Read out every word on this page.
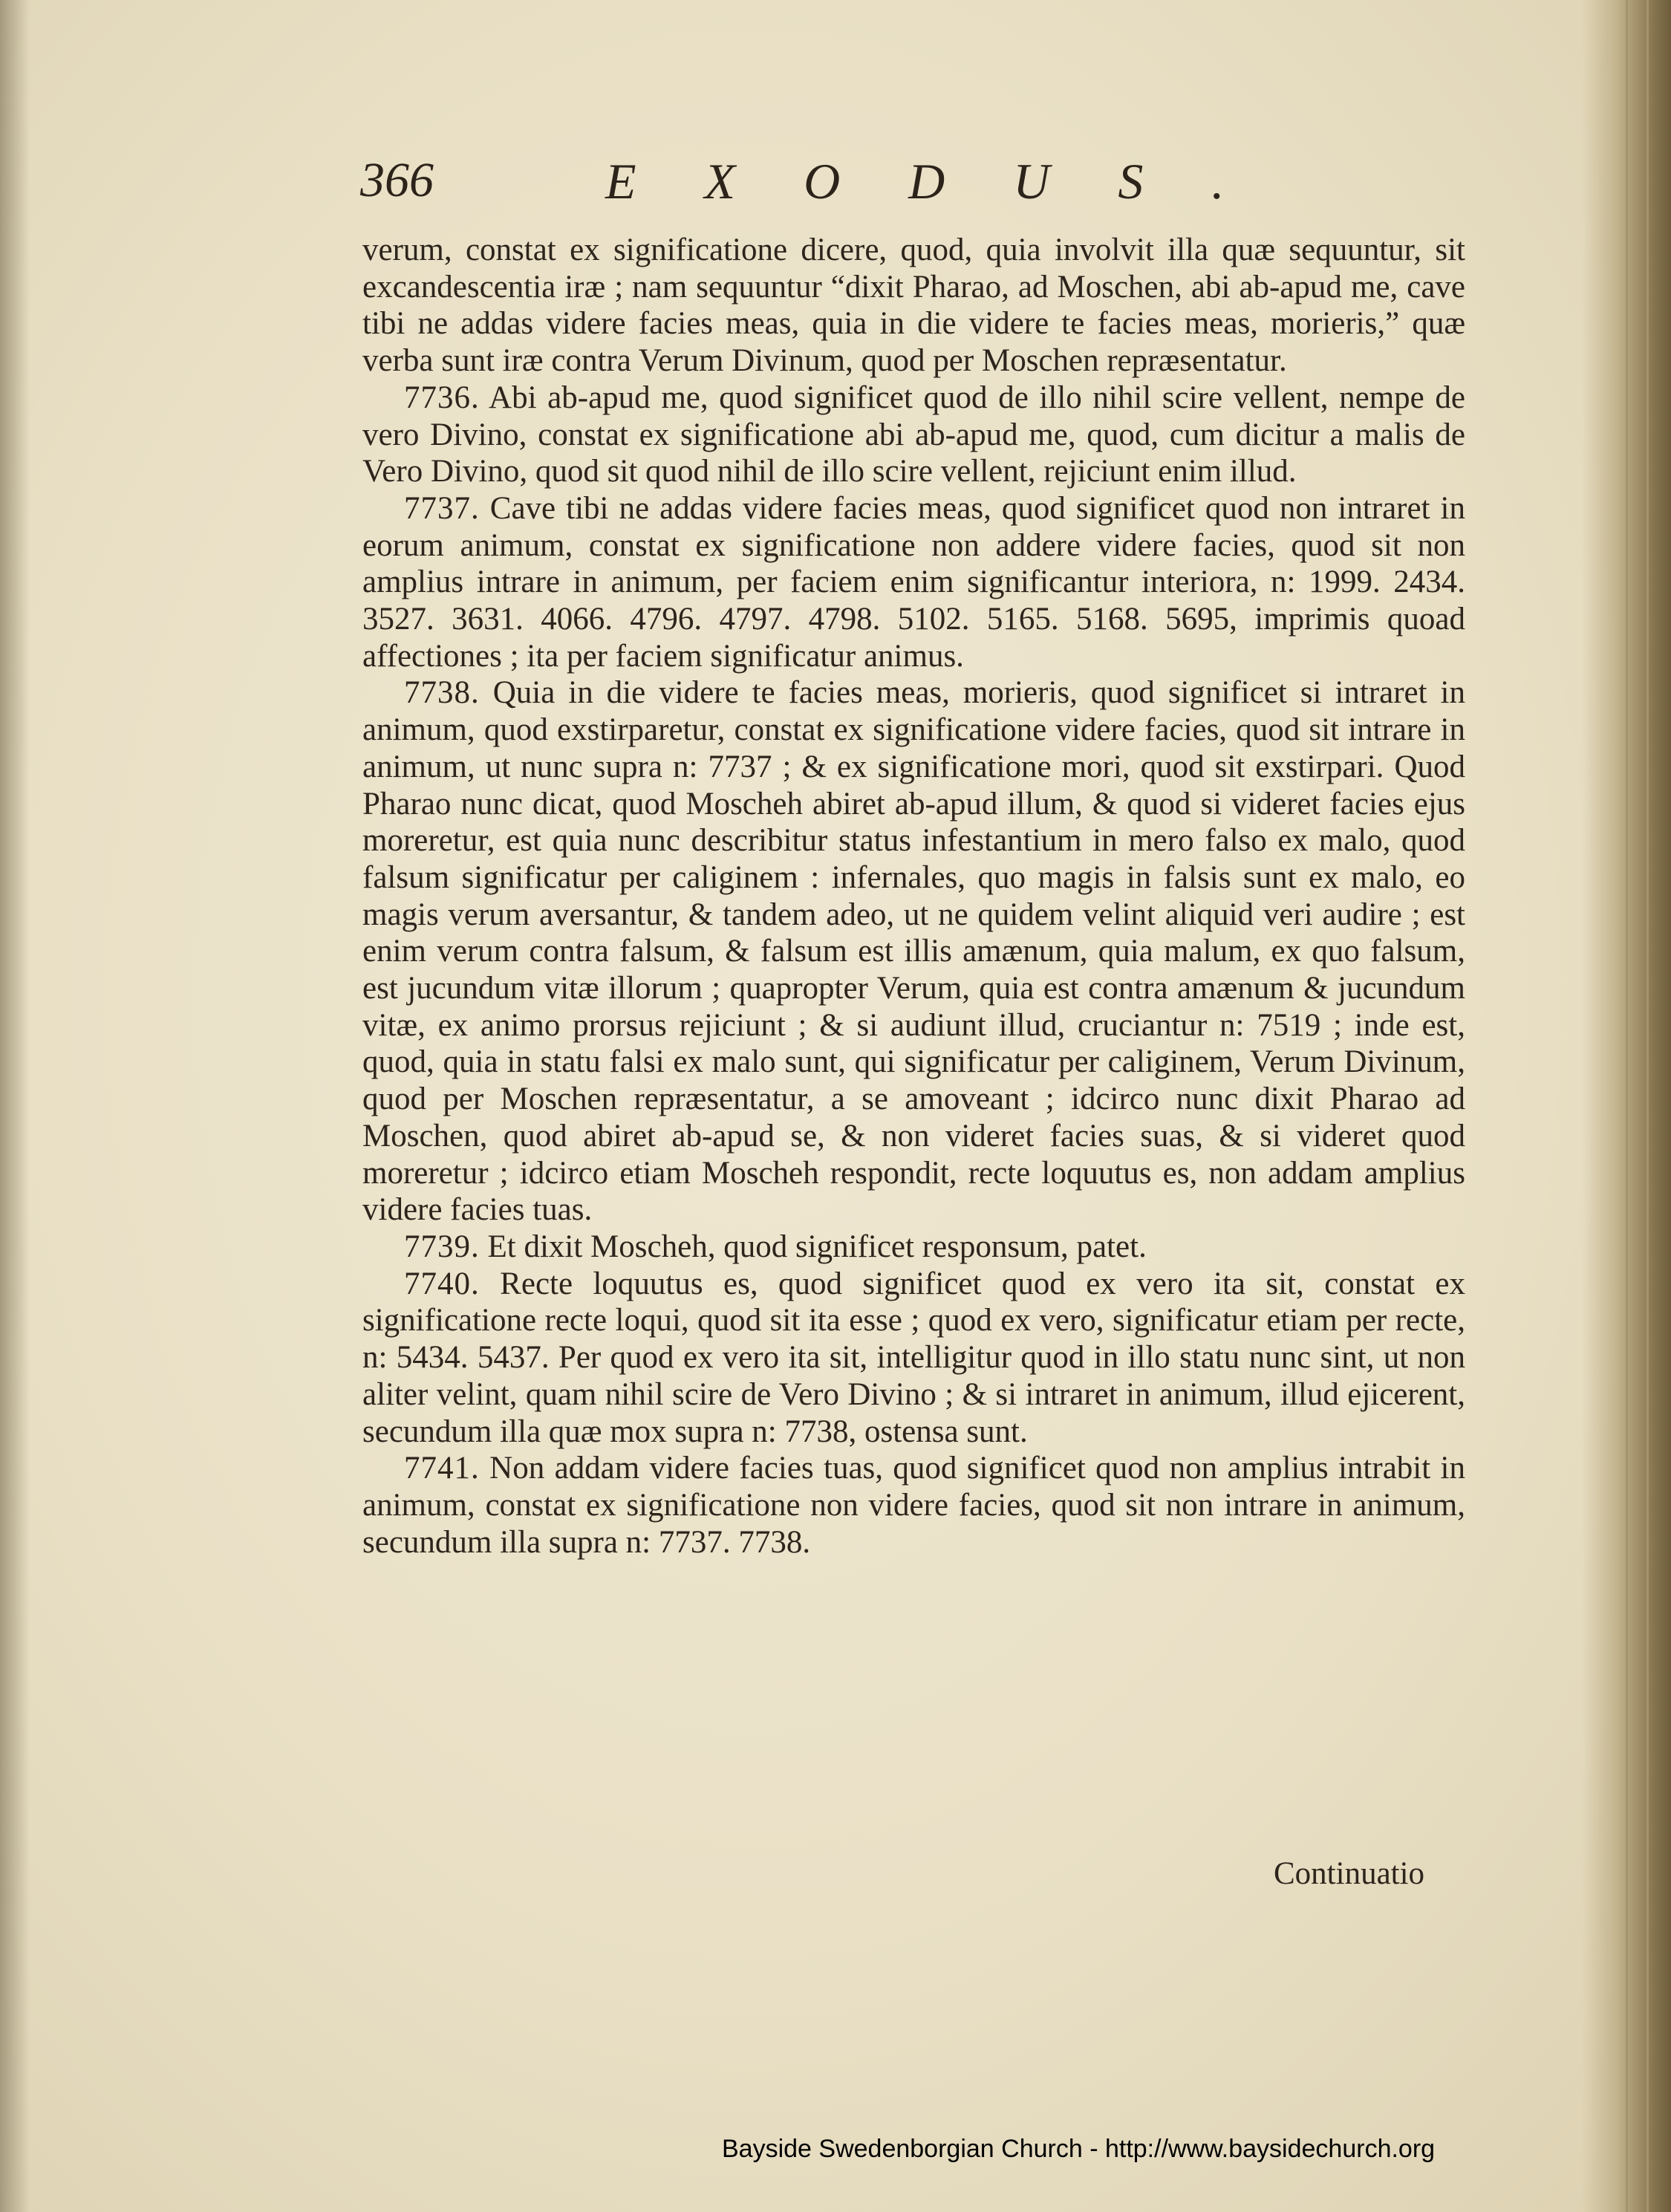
366	EXODUS.

verum, constat ex significatione dicere, quod, quia involvit illa quæ sequuntur, sit excandescentia iræ ; nam sequuntur “dixit Pharao, ad Moschen, abi ab-apud me, cave tibi ne addas videre facies meas, quia in die videre te facies meas, morieris,” quæ verba sunt iræ contra Verum Divinum, quod per Moschen repræsentatur.

7736. Abi ab-apud me, quod significet quod de illo nihil scire vellent, nempe de vero Divino, constat ex significatione abi ab-apud me, quod, cum dicitur a malis de Vero Divino, quod sit quod nihil de illo scire vellent, rejiciunt enim illud.

7737. Cave tibi ne addas videre facies meas, quod significet quod non intraret in eorum animum, constat ex significatione non addere videre facies, quod sit non amplius intrare in animum, per faciem enim significantur interiora, n: 1999. 2434. 3527. 3631. 4066. 4796. 4797. 4798. 5102. 5165. 5168. 5695, imprimis quoad affectiones ; ita per faciem significatur animus.

7738. Quia in die videre te facies meas, morieris, quod significet si intraret in animum, quod exstirparetur, constat ex significatione videre facies, quod sit intrare in animum, ut nunc supra n: 7737 ; & ex significatione mori, quod sit exstirpari. Quod Pharao nunc dicat, quod Moscheh abiret ab-apud illum, & quod si videret facies ejus moreretur, est quia nunc describitur status infestantium in mero falso ex malo, quod falsum significatur per caliginem : infernales, quo magis in falsis sunt ex malo, eo magis verum aversantur, & tandem adeo, ut ne quidem velint aliquid veri audire ; est enim verum contra falsum, & falsum est illis amænum, quia malum, ex quo falsum, est jucundum vitæ illorum ; quapropter Verum, quia est contra amænum & jucundum vitæ, ex animo prorsus rejiciunt ; & si audiunt illud, cruciantur n: 7519 ; inde est, quod, quia in statu falsi ex malo sunt, qui significatur per caliginem, Verum Divinum, quod per Moschen repræsentatur, a se amoveant ; idcirco nunc dixit Pharao ad Moschen, quod abiret ab-apud se, & non videret facies suas, & si videret quod moreretur ; idcirco etiam Moscheh respondit, recte loquutus es, non addam amplius videre facies tuas.

7739. Et dixit Moscheh, quod significet responsum, patet.

7740. Recte loquutus es, quod significet quod ex vero ita sit, constat ex significatione recte loqui, quod sit ita esse ; quod ex vero, significatur etiam per recte, n: 5434. 5437. Per quod ex vero ita sit, intelligitur quod in illo statu nunc sint, ut non aliter velint, quam nihil scire de Vero Divino ; & si intraret in animum, illud ejicerent, secundum illa quæ mox supra n: 7738, ostensa sunt.

7741. Non addam videre facies tuas, quod significet quod non amplius intrabit in animum, constat ex significatione non videre facies, quod sit non intrare in animum, secundum illa supra n: 7737. 7738.

Continuatio
Bayside Swedenborgian Church - http://www.baysidechurch.org
